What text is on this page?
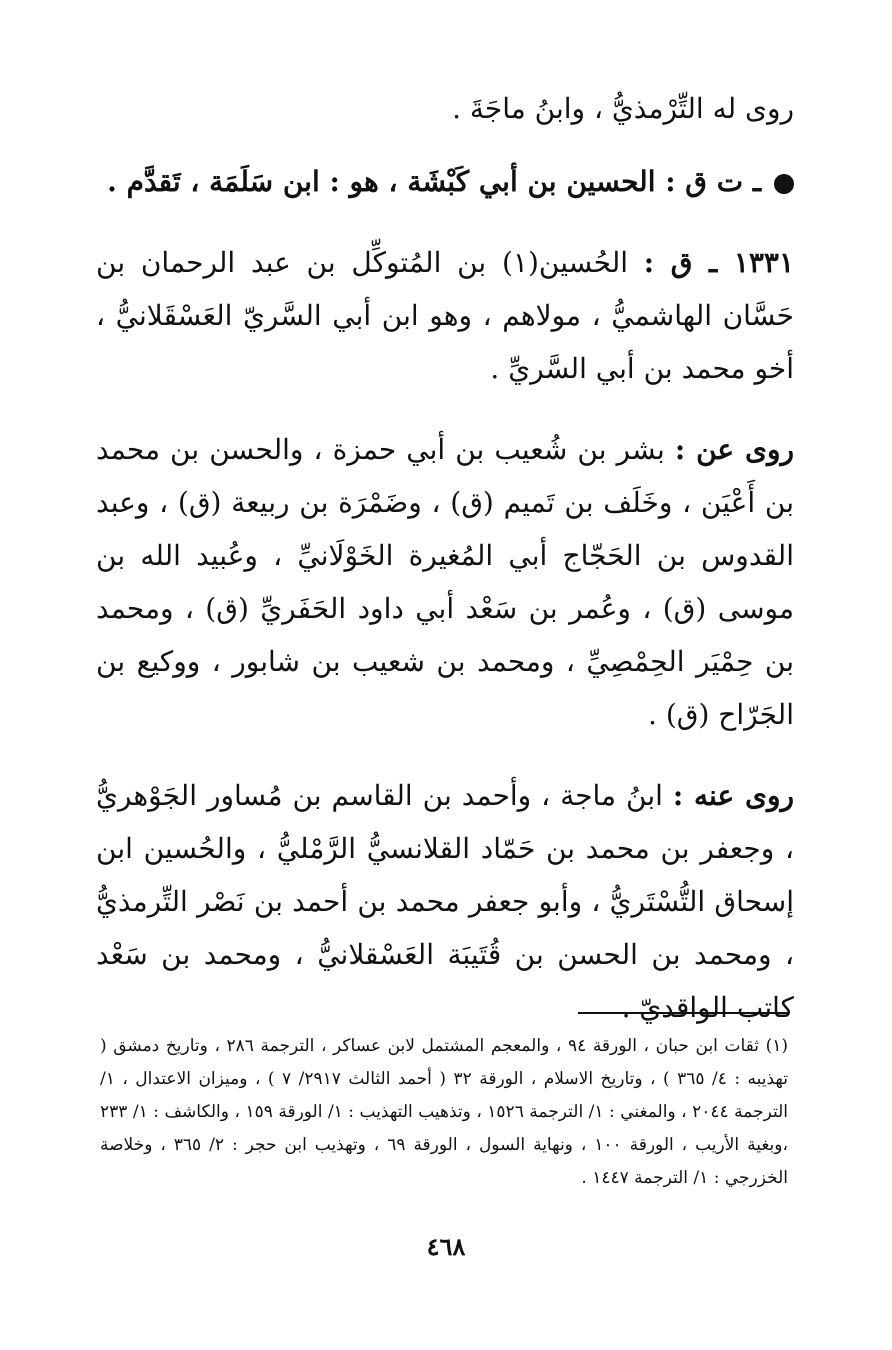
روى له التِّرْمذيُّ ، وابنُ ماجَةَ .

ـ ت ق : الحسين بن أبي كَبْشَة ، هو : ابن سَلَمَة ، تَقدَّم .

١٣٣١ ـ ق : الحُسين(١) بن المُتوكِّل بن عبد الرحمان بن حَسَّان الهاشميُّ ، مولاهم ، وهو ابن أبي السَّريّ العَسْقَلانيُّ ، أخو محمد بن أبي السَّريِّ .

روى عن : بشر بن شُعيب بن أبي حمزة ، والحسن بن محمد بن أَعْيَن ، وخَلَف بن تَميم (ق) ، وضَمْرَة بن ربيعة (ق) ، وعبد القدوس بن الحَجّاج أبي المُغيرة الخَوْلَانيِّ ، وعُبيد الله بن موسى (ق) ، وعُمر بن سَعْد أبي داود الحَفَريِّ (ق) ، ومحمد بن حِمْيَر الحِمْصِيِّ ، ومحمد بن شعيب بن شابور ، ووكيع بن الجَرّاح (ق) .

روى عنه : ابنُ ماجة ، وأحمد بن القاسم بن مُساور الجَوْهريُّ ، وجعفر بن محمد بن حَمّاد القلانسيُّ الرَّمْليُّ ، والحُسين ابن إسحاق التُّسْتَريُّ ، وأبو جعفر محمد بن أحمد بن نَصْر التِّرمذيُّ ، ومحمد بن الحسن بن قُتَيبَة العَسْقلانيُّ ، ومحمد بن سَعْد كاتب الواقديّ .

(١) ثقات ابن حبان ، الورقة ٩٤ ، والمعجم المشتمل لابن عساكر ، الترجمة ٢٨٦ ، وتاريخ دمشق ( تهذيبه : ٤/ ٣٦٥ ) ، وتاريخ الاسلام ، الورقة ٣٢ ( أحمد الثالث ٢٩١٧/ ٧ ) ، وميزان الاعتدال ، ١/ الترجمة ٢٠٤٤ ، والمغني : ١/ الترجمة ١٥٢٦ ، وتذهيب التهذيب : ١/ الورقة ١٥٩ ، والكاشف : ١/ ٢٣٣ ،وبغية الأريب ، الورقة ١٠٠ ، ونهاية السول ، الورقة ٦٩ ، وتهذيب ابن حجر : ٢/ ٣٦٥ ، وخلاصة الخزرجي : ١/ الترجمة ١٤٤٧ .

٤٦٨
